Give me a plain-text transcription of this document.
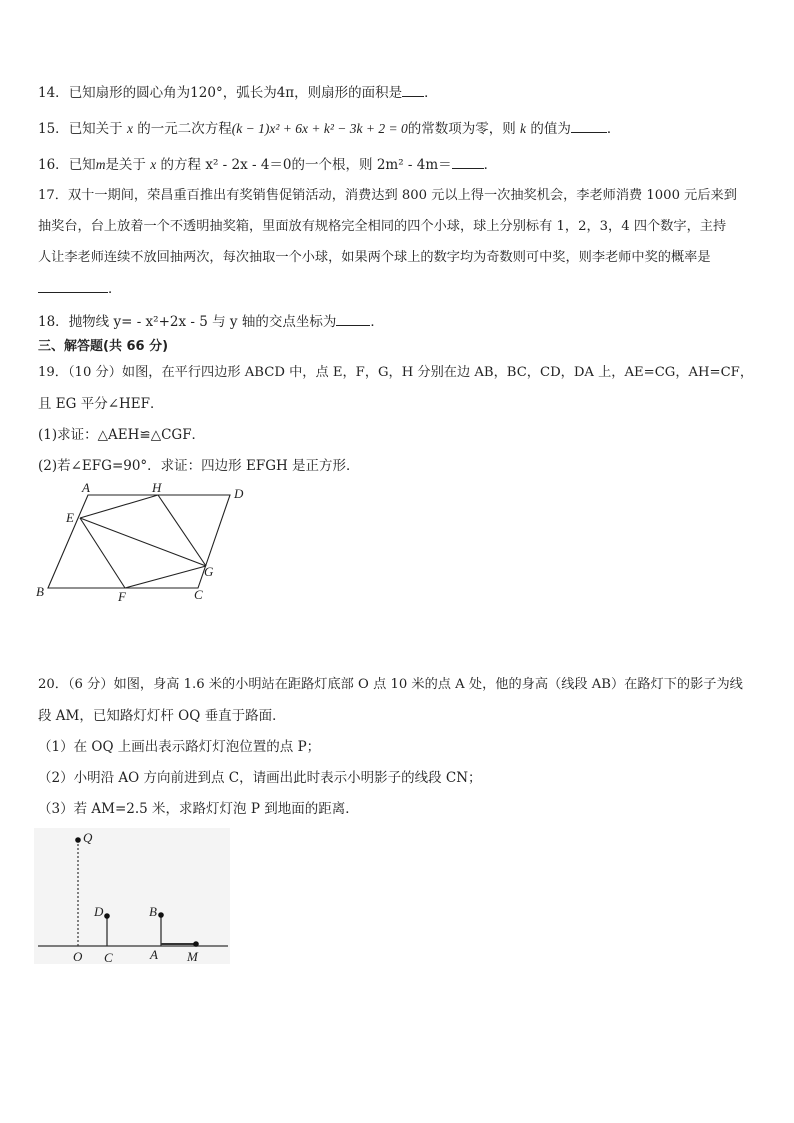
14．已知扇形的圆心角为120°，弧长为4π，则扇形的面积是 ．
15．已知关于 x 的一元二次方程(k − 1)x² + 6x + k² − 3k + 2 = 0的常数项为零，则 k 的值为	．
16．已知m是关于 x 的方程 x² - 2x - 4＝0的一个根，则 2m² - 4m＝ ．
17．双十一期间，荣昌重百推出有奖销售促销活动，消费达到 800 元以上得一次抽奖机会，李老师消费 1000 元后来到
抽奖台，台上放着一个不透明抽奖箱，里面放有规格完全相同的四个小球，球上分别标有 1，2，3，4 四个数字，主持
人让李老师连续不放回抽两次，每次抽取一个小球，如果两个球上的数字均为奇数则可中奖，则李老师中奖的概率是
．
18．抛物线 y= - x²+2x - 5 与 y 轴的交点坐标为	．
三、解答题(共 66 分)
19．（10 分）如图，在平行四边形 ABCD 中，点 E，F，G，H 分别在边 AB，BC，CD，DA 上，AE=CG，AH=CF，
且 EG 平分∠HEF．
(1)求证：△AEH≌△CGF．
(2)若∠EFG=90°．求证：四边形 EFGH 是正方形．
A	H	D
E
G
B	F	C
20．（6 分）如图，身高 1.6 米的小明站在距路灯底部 O 点 10 米的点 A 处，他的身高（线段 AB）在路灯下的影子为线
段 AM，已知路灯灯杆 OQ 垂直于路面．
（1）在 OQ 上画出表示路灯灯泡位置的点 P；
（2）小明沿 AO 方向前进到点 C，请画出此时表示小明影子的线段 CN；
（3）若 AM=2.5 米，求路灯灯泡 P 到地面的距离．
Q
D	B
O C	A M
